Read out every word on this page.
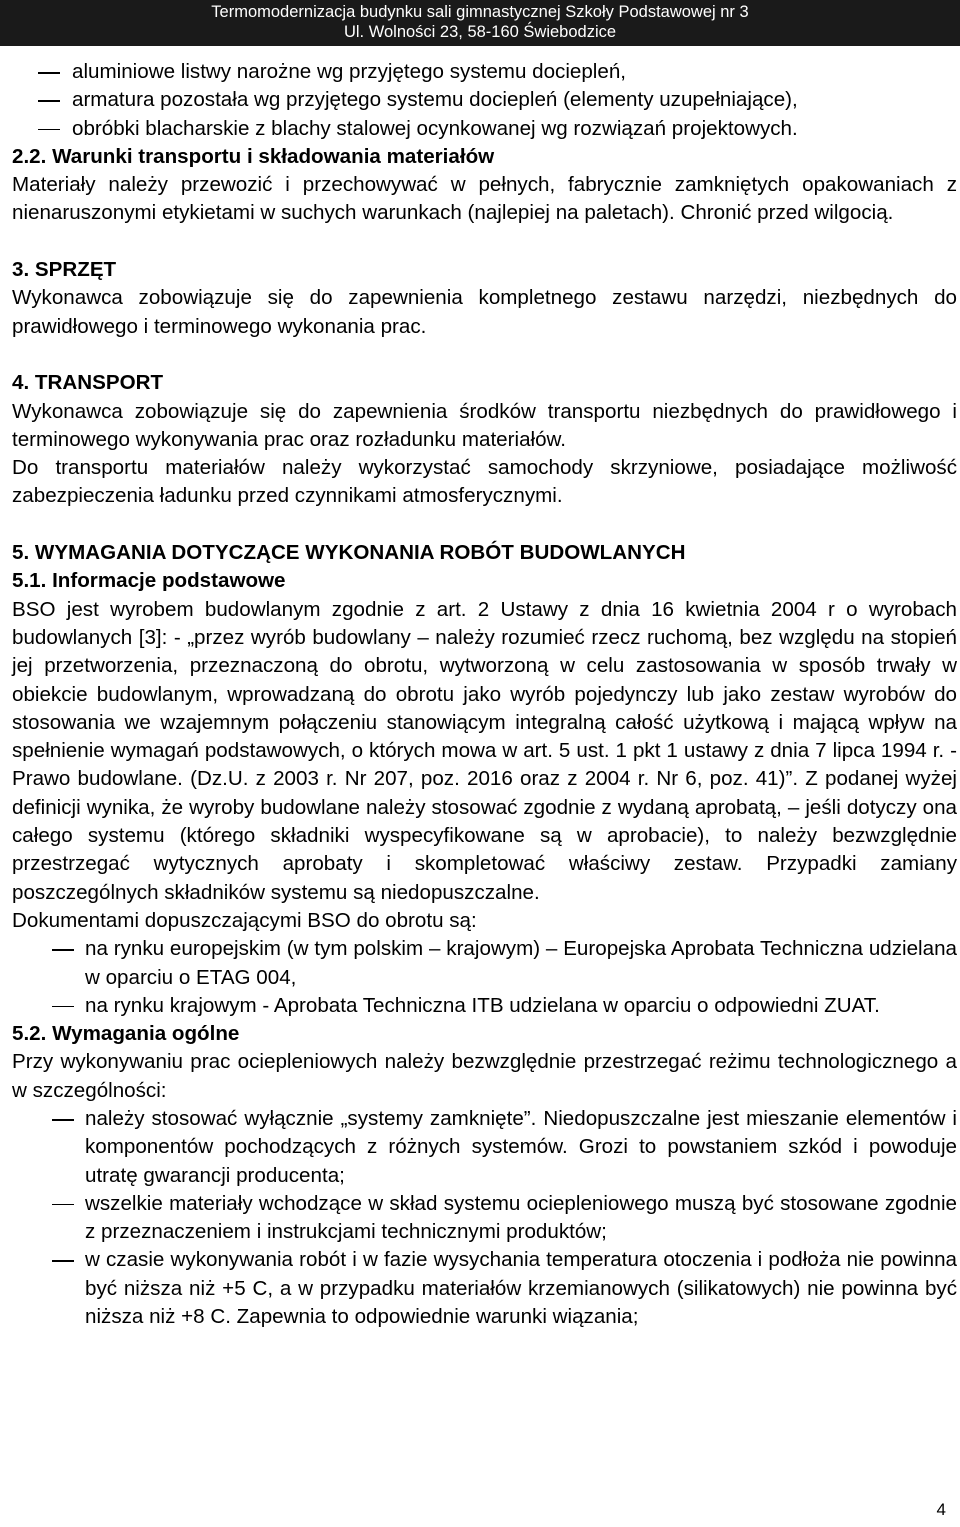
Termomodernizacja budynku sali gimnastycznej Szkoły Podstawowej nr 3
Ul. Wolności 23, 58-160 Świebodzice
aluminiowe listwy narożne wg przyjętego systemu dociepleń,
armatura pozostała wg przyjętego systemu dociepleń (elementy uzupełniające),
obróbki blacharskie z blachy stalowej ocynkowanej wg rozwiązań projektowych.

2.2. Warunki transportu i składowania materiałów

Materiały należy przewozić i przechowywać w pełnych, fabrycznie zamkniętych opakowaniach z nienaruszonymi etykietami w suchych warunkach (najlepiej na paletach). Chronić przed wilgocią.

3. SPRZĘT

Wykonawca zobowiązuje się do zapewnienia kompletnego zestawu narzędzi, niezbędnych do prawidłowego i terminowego wykonania prac.

4. TRANSPORT

Wykonawca zobowiązuje się do zapewnienia środków transportu niezbędnych do prawidłowego i terminowego wykonywania prac oraz rozładunku materiałów.

Do transportu materiałów należy wykorzystać samochody skrzyniowe, posiadające możliwość zabezpieczenia ładunku przed czynnikami atmosferycznymi.

5. WYMAGANIA DOTYCZĄCE WYKONANIA ROBÓT BUDOWLANYCH

5.1. Informacje podstawowe

BSO jest wyrobem budowlanym zgodnie z art. 2 Ustawy z dnia 16 kwietnia 2004 r o wyrobach budowlanych [3]: - „przez wyrób budowlany – należy rozumieć rzecz ruchomą, bez względu na stopień jej przetworzenia, przeznaczoną do obrotu, wytworzoną w celu zastosowania w sposób trwały w obiekcie budowlanym, wprowadzaną do obrotu jako wyrób pojedynczy lub jako zestaw wyrobów do stosowania we wzajemnym połączeniu stanowiącym integralną całość użytkową i mającą wpływ na spełnienie wymagań podstawowych, o których mowa w art. 5 ust. 1 pkt 1 ustawy z dnia 7 lipca 1994 r. - Prawo budowlane. (Dz.U. z 2003 r. Nr 207, poz. 2016 oraz z 2004 r. Nr 6, poz. 41)”. Z podanej wyżej definicji wynika, że wyroby budowlane należy stosować zgodnie z wydaną aprobatą, – jeśli dotyczy ona całego systemu (którego składniki wyspecyfikowane są w aprobacie), to należy bezwzględnie przestrzegać wytycznych aprobaty i skompletować właściwy zestaw. Przypadki zamiany poszczególnych składników systemu są niedopuszczalne.

Dokumentami dopuszczającymi BSO do obrotu są:

na rynku europejskim (w tym polskim – krajowym) – Europejska Aprobata Techniczna udzielana w oparciu o ETAG 004,
na rynku krajowym - Aprobata Techniczna ITB udzielana w oparciu o odpowiedni ZUAT.

5.2. Wymagania ogólne

Przy wykonywaniu prac ociepleniowych należy bezwzględnie przestrzegać reżimu technologicznego a w szczególności:

należy stosować wyłącznie „systemy zamknięte”. Niedopuszczalne jest mieszanie elementów i komponentów pochodzących z różnych systemów. Grozi to powstaniem szkód i powoduje utratę gwarancji producenta;
wszelkie materiały wchodzące w skład systemu ociepleniowego muszą być stosowane zgodnie z przeznaczeniem i instrukcjami technicznymi produktów;
w czasie wykonywania robót i w fazie wysychania temperatura otoczenia i podłoża nie powinna być niższa niż +5 C, a w przypadku materiałów krzemianowych (silikatowych) nie powinna być niższa niż +8 C. Zapewnia to odpowiednie warunki wiązania;
4
